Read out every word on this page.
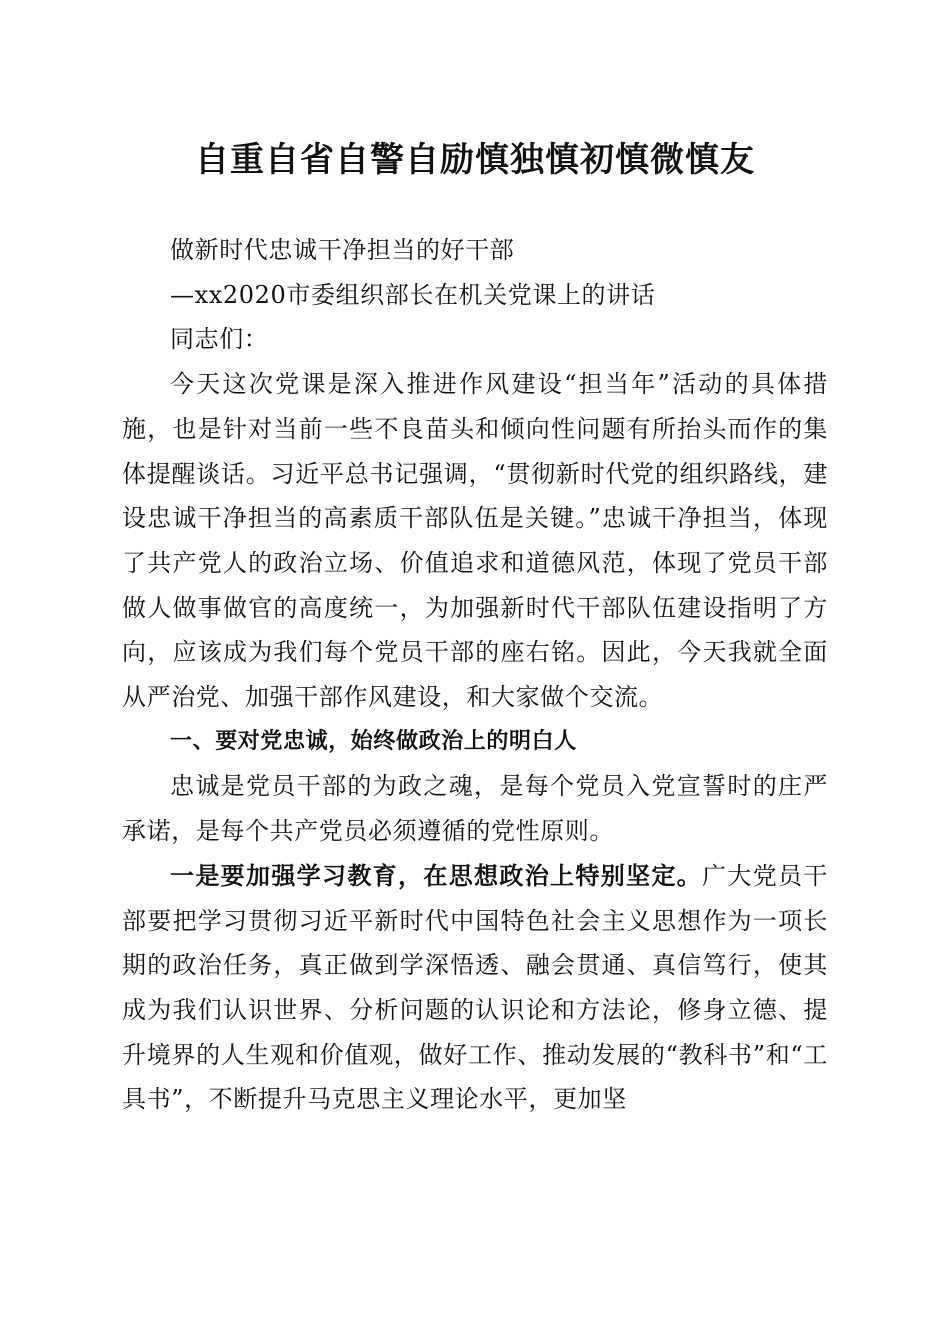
自重自省自警自励慎独慎初慎微慎友

做新时代忠诚干净担当的好干部

—xx2020市委组织部长在机关党课上的讲话

同志们：

今天这次党课是深入推进作风建设“担当年”活动的具体措施，也是针对当前一些不良苗头和倾向性问题有所抬头而作的集体提醒谈话。习近平总书记强调，“贯彻新时代党的组织路线，建设忠诚干净担当的高素质干部队伍是关键。”忠诚干净担当，体现了共产党人的政治立场、价值追求和道德风范，体现了党员干部做人做事做官的高度统一，为加强新时代干部队伍建设指明了方向，应该成为我们每个党员干部的座右铭。因此，今天我就全面从严治党、加强干部作风建设，和大家做个交流。

一、要对党忠诚，始终做政治上的明白人

忠诚是党员干部的为政之魂，是每个党员入党宣誓时的庄严承诺，是每个共产党员必须遵循的党性原则。

一是要加强学习教育，在思想政治上特别坚定。广大党员干部要把学习贯彻习近平新时代中国特色社会主义思想作为一项长期的政治任务，真正做到学深悟透、融会贯通、真信笃行，使其成为我们认识世界、分析问题的认识论和方法论，修身立德、提升境界的人生观和价值观，做好工作、推动发展的“教科书”和“工具书”，不断提升马克思主义理论水平，更加坚
